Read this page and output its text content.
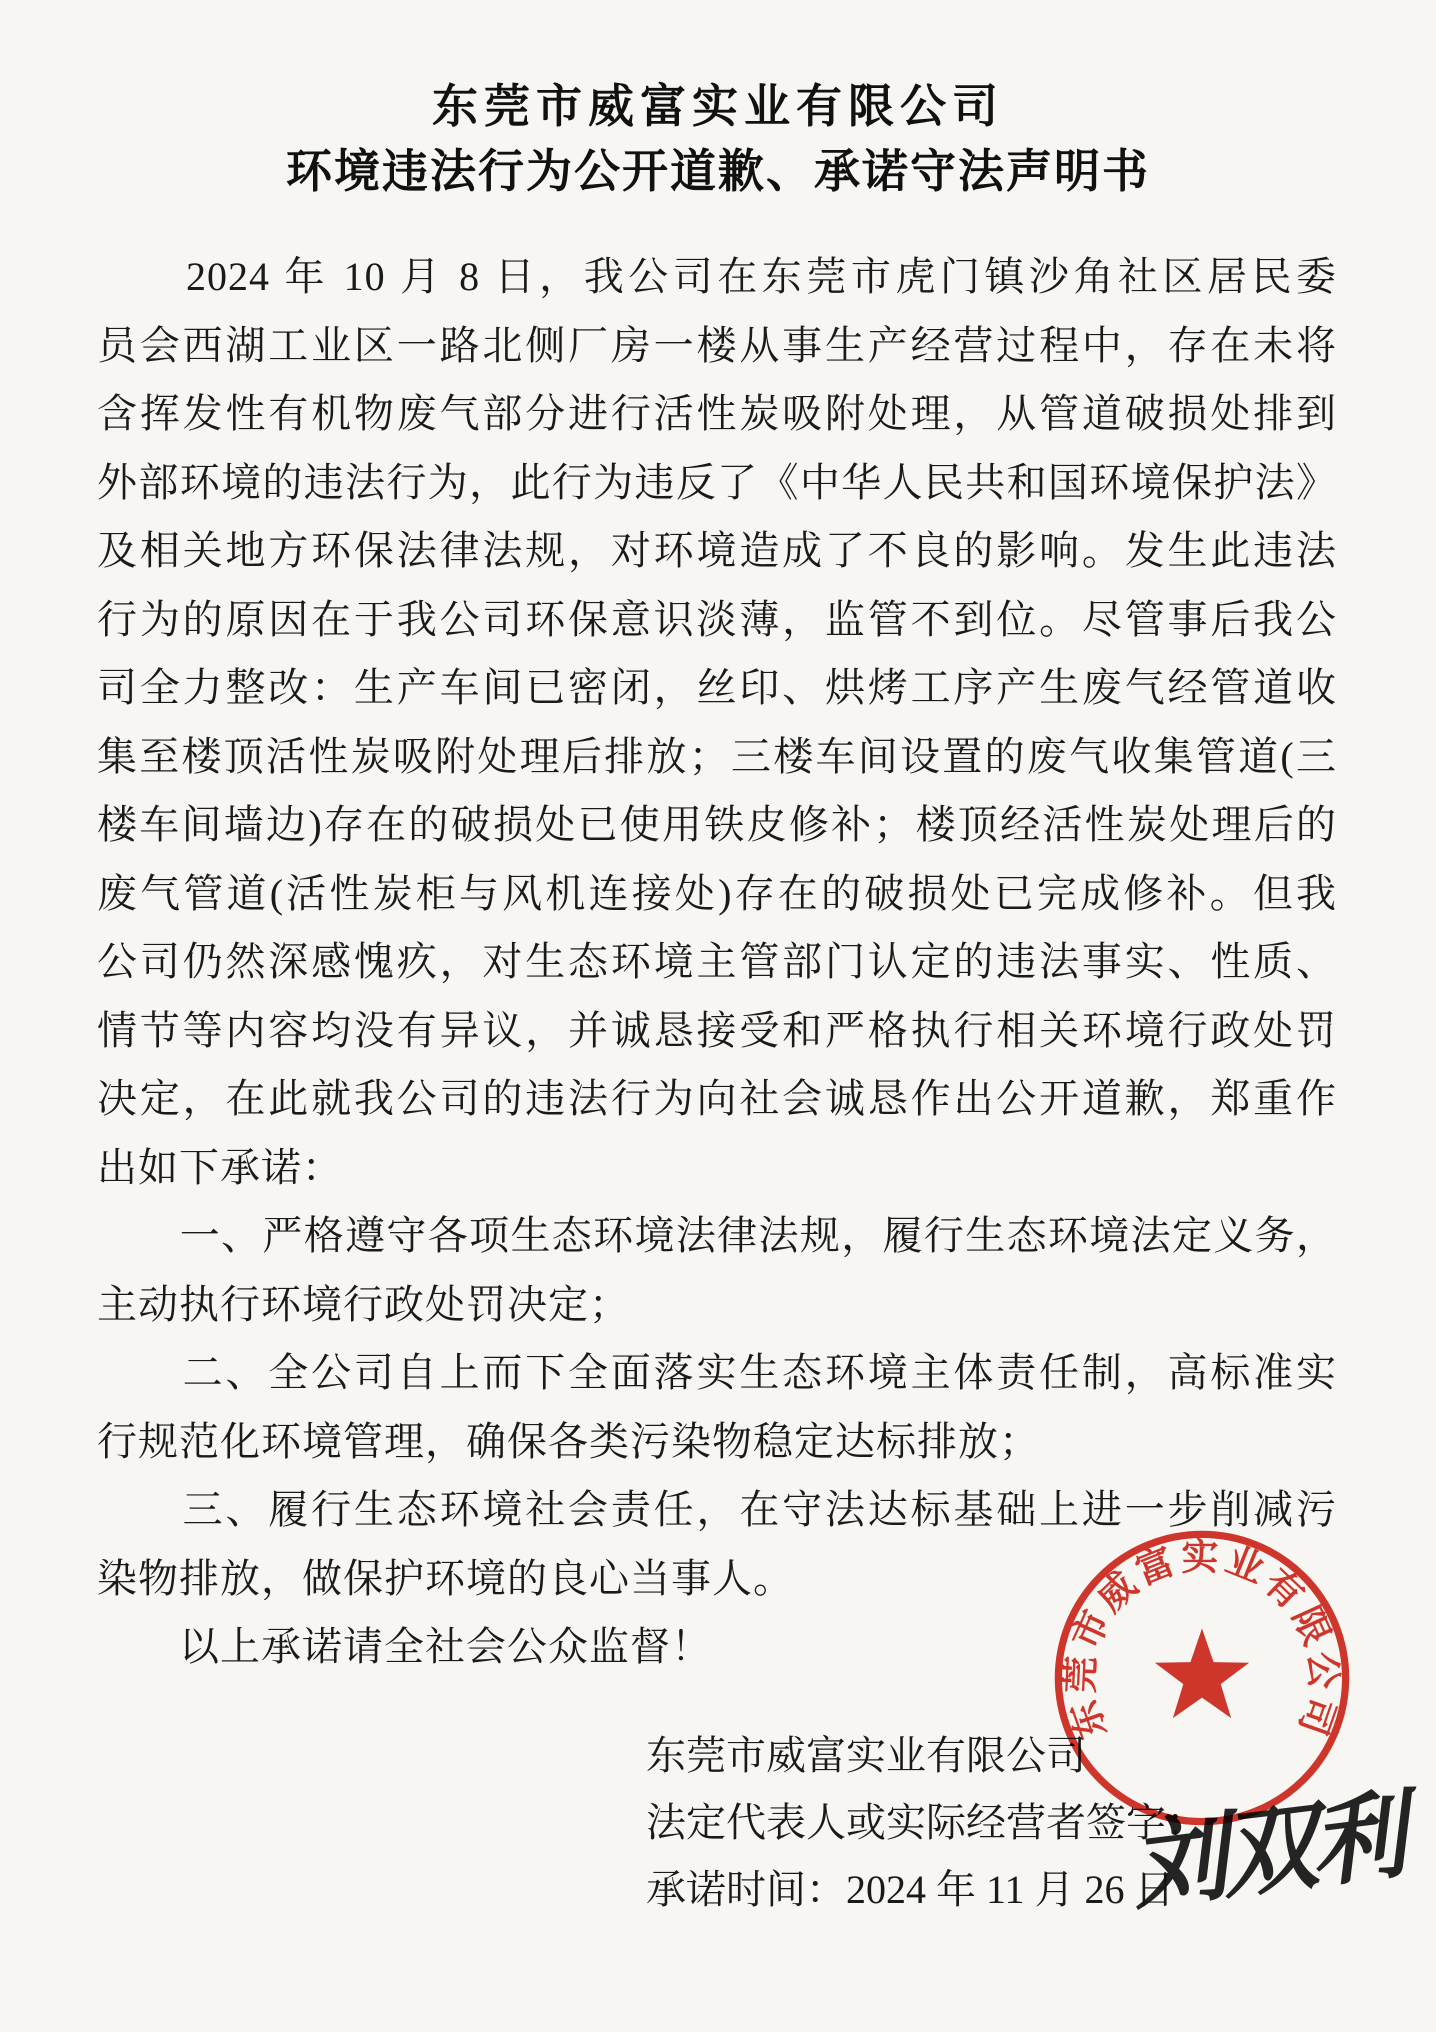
东莞市威富实业有限公司
环境违法行为公开道歉、承诺守法声明书
　　2024 年 10 月 8 日，我公司在东莞市虎门镇沙角社区居民委
员会西湖工业区一路北侧厂房一楼从事生产经营过程中，存在未将
含挥发性有机物废气部分进行活性炭吸附处理，从管道破损处排到
外部环境的违法行为，此行为违反了《中华人民共和国环境保护法》
及相关地方环保法律法规，对环境造成了不良的影响。发生此违法
行为的原因在于我公司环保意识淡薄，监管不到位。尽管事后我公
司全力整改：生产车间已密闭，丝印、烘烤工序产生废气经管道收
集至楼顶活性炭吸附处理后排放；三楼车间设置的废气收集管道(三
楼车间墙边)存在的破损处已使用铁皮修补；楼顶经活性炭处理后的
废气管道(活性炭柜与风机连接处)存在的破损处已完成修补。但我
公司仍然深感愧疚，对生态环境主管部门认定的违法事实、性质、
情节等内容均没有异议，并诚恳接受和严格执行相关环境行政处罚
决定，在此就我公司的违法行为向社会诚恳作出公开道歉，郑重作
出如下承诺：
　　一、严格遵守各项生态环境法律法规，履行生态环境法定义务，
主动执行环境行政处罚决定；
　　二、全公司自上而下全面落实生态环境主体责任制，高标准实
行规范化环境管理，确保各类污染物稳定达标排放；
　　三、履行生态环境社会责任，在守法达标基础上进一步削减污
染物排放，做保护环境的良心当事人。
　　以上承诺请全社会公众监督！
东莞市威富实业有限公司
法定代表人或实际经营者签字：
承诺时间：2024 年 11 月 26 日
刘双利
东莞市威富实业有限公司
